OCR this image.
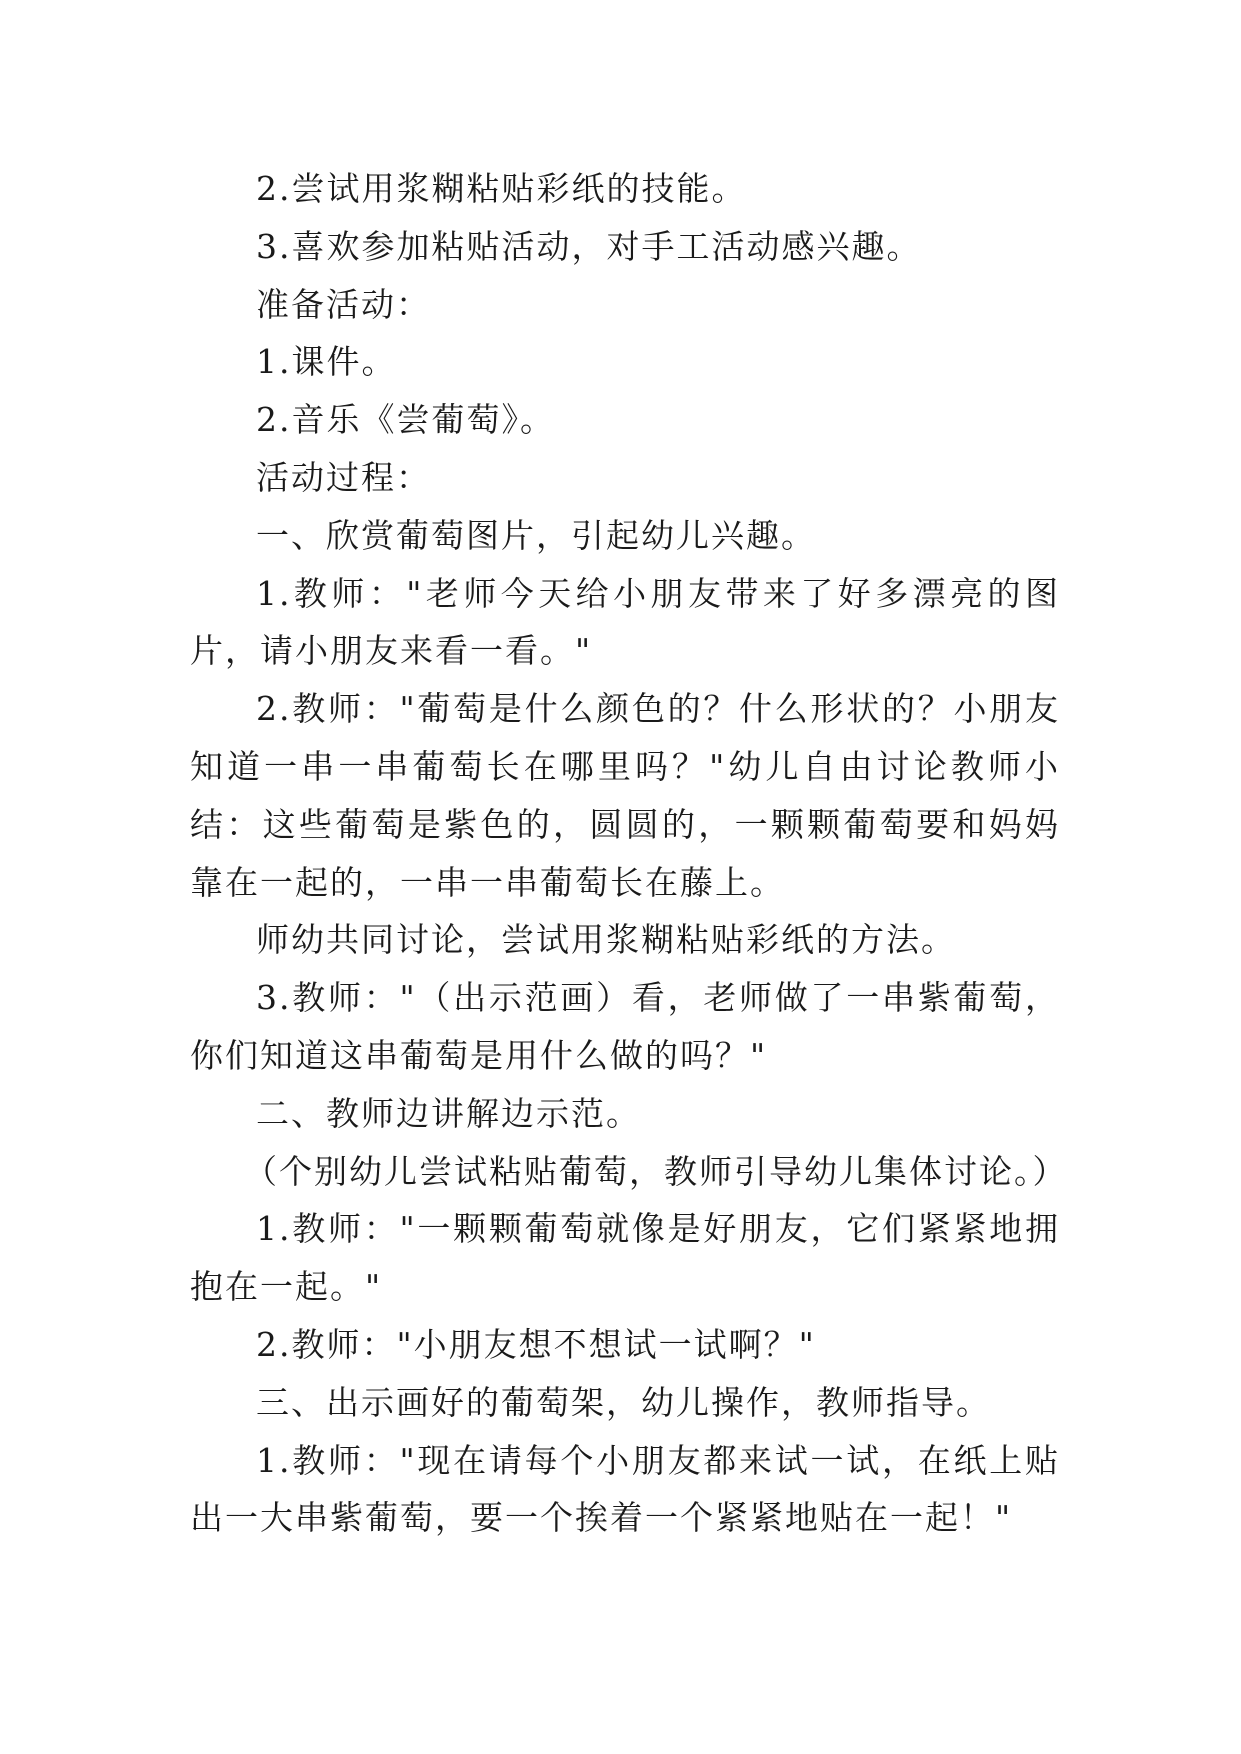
2.尝试用浆糊粘贴彩纸的技能。

3.喜欢参加粘贴活动，对手工活动感兴趣。

准备活动：

1.课件。

2.音乐《尝葡萄》。

活动过程：

一、欣赏葡萄图片，引起幼儿兴趣。

1.教师："老师今天给小朋友带来了好多漂亮的图片，请小朋友来看一看。"

2.教师："葡萄是什么颜色的？什么形状的？小朋友知道一串一串葡萄长在哪里吗？"幼儿自由讨论教师小结：这些葡萄是紫色的，圆圆的，一颗颗葡萄要和妈妈靠在一起的，一串一串葡萄长在藤上。

师幼共同讨论，尝试用浆糊粘贴彩纸的方法。

3.教师："（出示范画）看，老师做了一串紫葡萄，你们知道这串葡萄是用什么做的吗？"

二、教师边讲解边示范。

（个别幼儿尝试粘贴葡萄，教师引导幼儿集体讨论。）

1.教师："一颗颗葡萄就像是好朋友，它们紧紧地拥抱在一起。"

2.教师："小朋友想不想试一试啊？"

三、出示画好的葡萄架，幼儿操作，教师指导。

1.教师："现在请每个小朋友都来试一试，在纸上贴出一大串紫葡萄，要一个挨着一个紧紧地贴在一起！"
